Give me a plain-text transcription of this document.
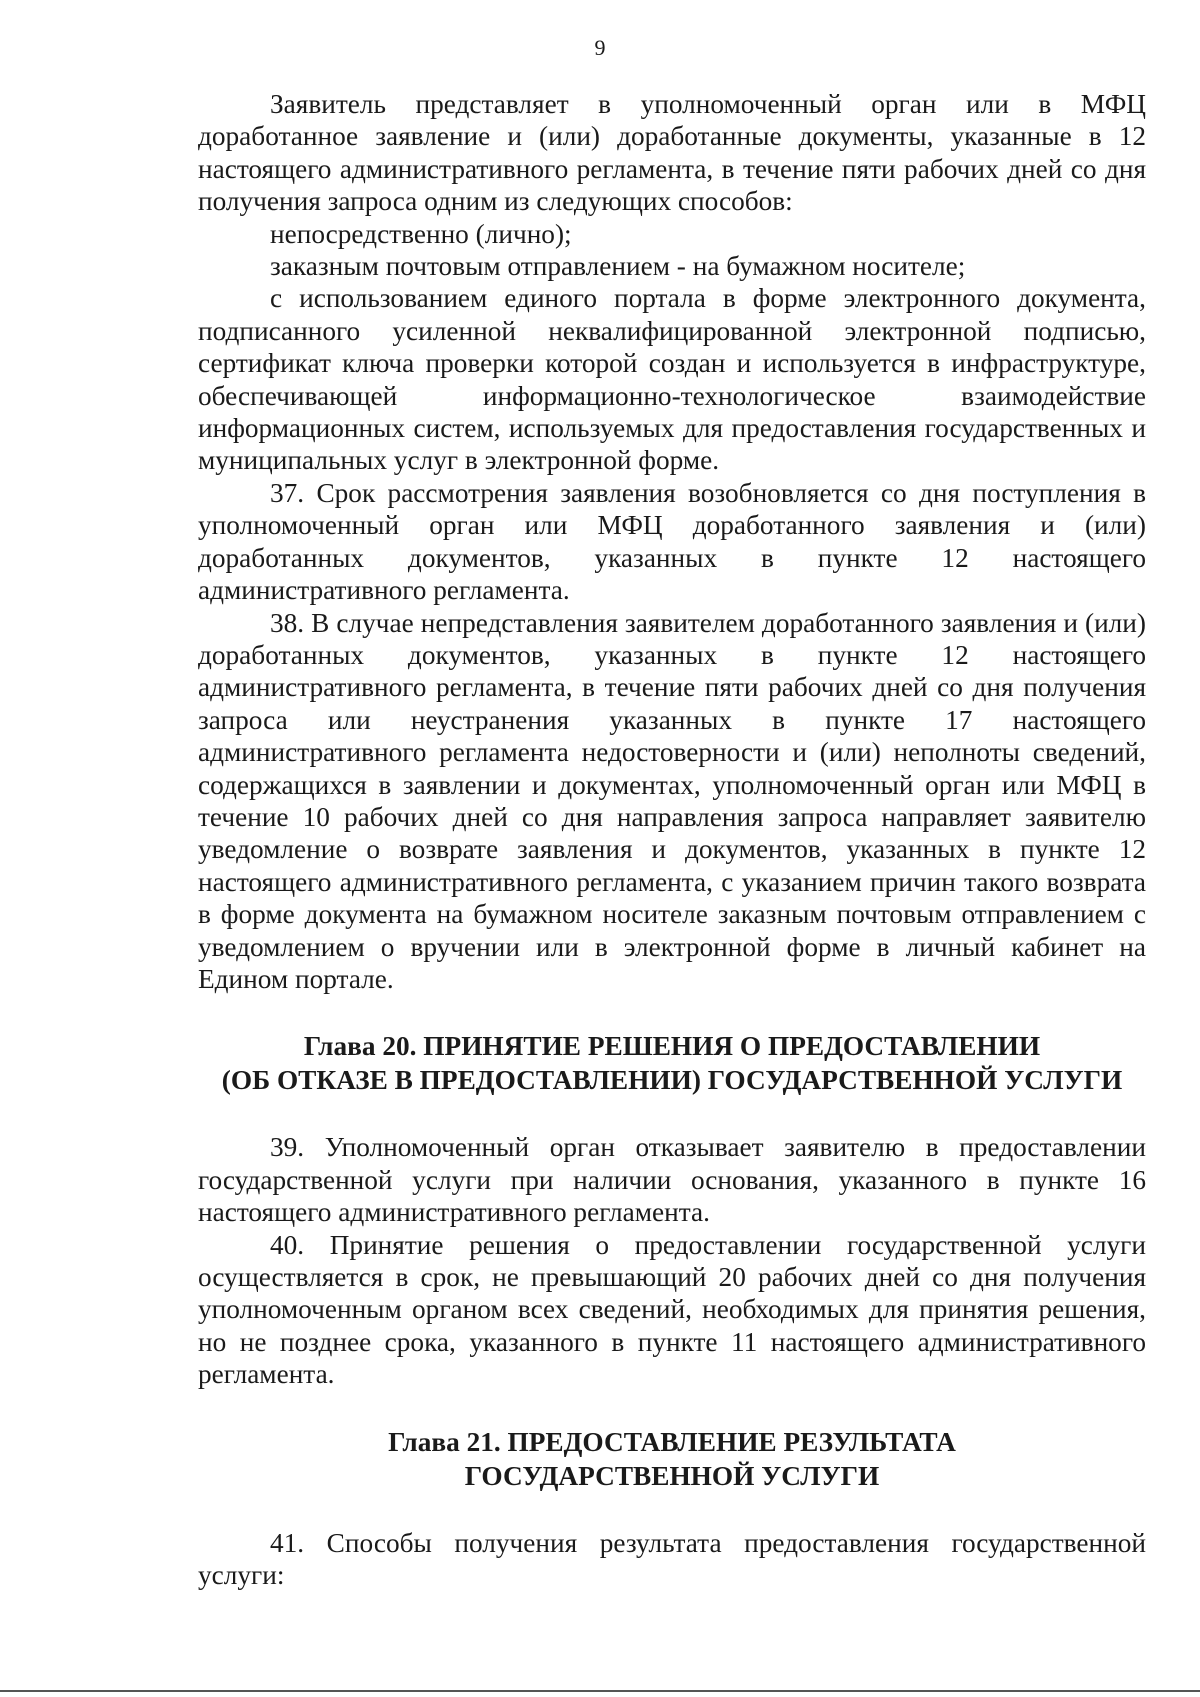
9

Заявитель представляет в уполномоченный орган или в МФЦ доработанное заявление и (или) доработанные документы, указанные в 12 настоящего административного регламента, в течение пяти рабочих дней со дня получения запроса одним из следующих способов:

непосредственно (лично);

заказным почтовым отправлением - на бумажном носителе;

с использованием единого портала в форме электронного документа, подписанного усиленной неквалифицированной электронной подписью, сертификат ключа проверки которой создан и используется в инфраструктуре, обеспечивающей информационно-технологическое взаимодействие информационных систем, используемых для предоставления государственных и муниципальных услуг в электронной форме.

37. Срок рассмотрения заявления возобновляется со дня поступления в уполномоченный орган или МФЦ доработанного заявления и (или) доработанных документов, указанных в пункте 12 настоящего административного регламента.

38. В случае непредставления заявителем доработанного заявления и (или) доработанных документов, указанных в пункте 12 настоящего административного регламента, в течение пяти рабочих дней со дня получения запроса или неустранения указанных в пункте 17 настоящего административного регламента недостоверности и (или) неполноты сведений, содержащихся в заявлении и документах, уполномоченный орган или МФЦ в течение 10 рабочих дней со дня направления запроса направляет заявителю уведомление о возврате заявления и документов, указанных в пункте 12 настоящего административного регламента, с указанием причин такого возврата в форме документа на бумажном носителе заказным почтовым отправлением с уведомлением о вручении или в электронной форме в личный кабинет на Едином портале.

Глава 20. ПРИНЯТИЕ РЕШЕНИЯ О ПРЕДОСТАВЛЕНИИ
(ОБ ОТКАЗЕ В ПРЕДОСТАВЛЕНИИ) ГОСУДАРСТВЕННОЙ УСЛУГИ

39. Уполномоченный орган отказывает заявителю в предоставлении государственной услуги при наличии основания, указанного в пункте 16 настоящего административного регламента.

40. Принятие решения о предоставлении государственной услуги осуществляется в срок, не превышающий 20 рабочих дней со дня получения уполномоченным органом всех сведений, необходимых для принятия решения, но не позднее срока, указанного в пункте 11 настоящего административного регламента.

Глава 21. ПРЕДОСТАВЛЕНИЕ РЕЗУЛЬТАТА
ГОСУДАРСТВЕННОЙ УСЛУГИ

41. Способы получения результата предоставления государственной услуги:
